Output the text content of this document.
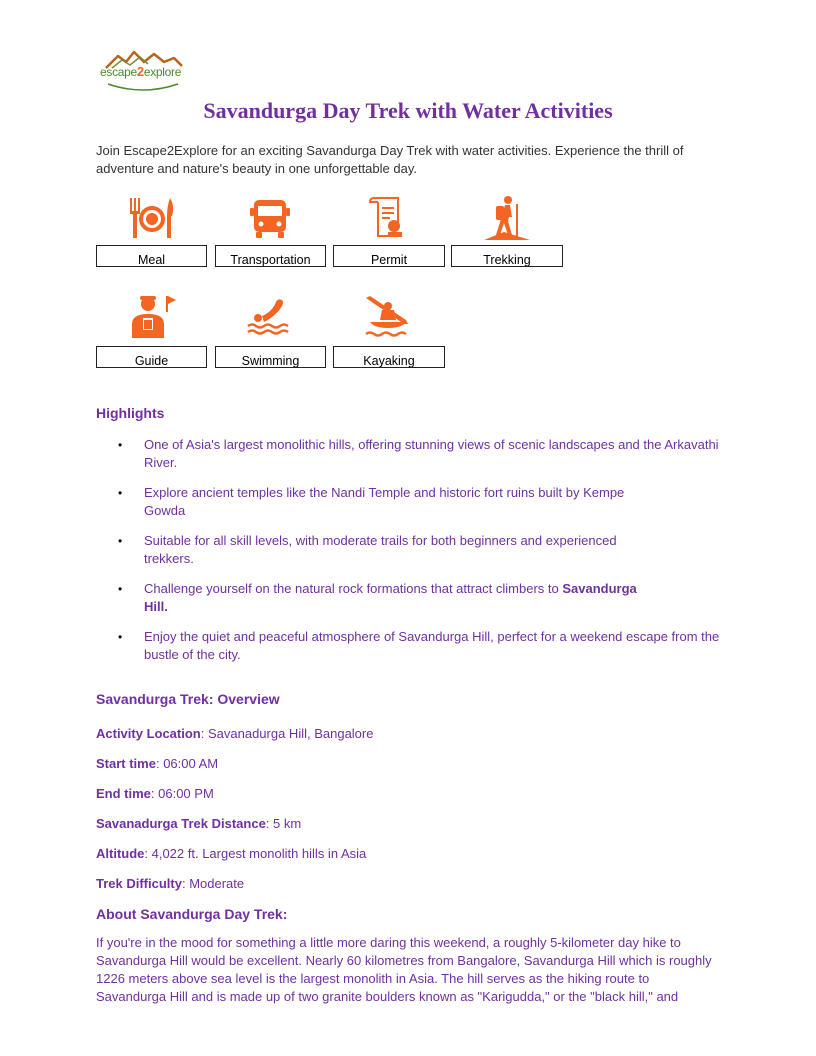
escape2explore
Savandurga Day Trek with Water Activities
Join Escape2Explore for an exciting Savandurga Day Trek with water activities. Experience the thrill of adventure and nature's beauty in one unforgettable day.
Meal	Transportation	Permit	Trekking
Guide	Swimming	Kayaking
Highlights
• One of Asia's largest monolithic hills, offering stunning views of scenic landscapes and the Arkavathi River.
• Explore ancient temples like the Nandi Temple and historic fort ruins built by Kempe Gowda
• Suitable for all skill levels, with moderate trails for both beginners and experienced trekkers.
• Challenge yourself on the natural rock formations that attract climbers to Savandurga Hill.
• Enjoy the quiet and peaceful atmosphere of Savandurga Hill, perfect for a weekend escape from the bustle of the city.
Savandurga Trek: Overview
Activity Location: Savanadurga Hill, Bangalore
Start time: 06:00 AM
End time: 06:00 PM
Savanadurga Trek Distance: 5 km
Altitude: 4,022 ft. Largest monolith hills in Asia
Trek Difficulty: Moderate
About Savandurga Day Trek:
If you're in the mood for something a little more daring this weekend, a roughly 5-kilometer day hike to Savandurga Hill would be excellent. Nearly 60 kilometres from Bangalore, Savandurga Hill which is roughly 1226 meters above sea level is the largest monolith in Asia. The hill serves as the hiking route to Savandurga Hill and is made up of two granite boulders known as "Karigudda," or the "black hill," and
